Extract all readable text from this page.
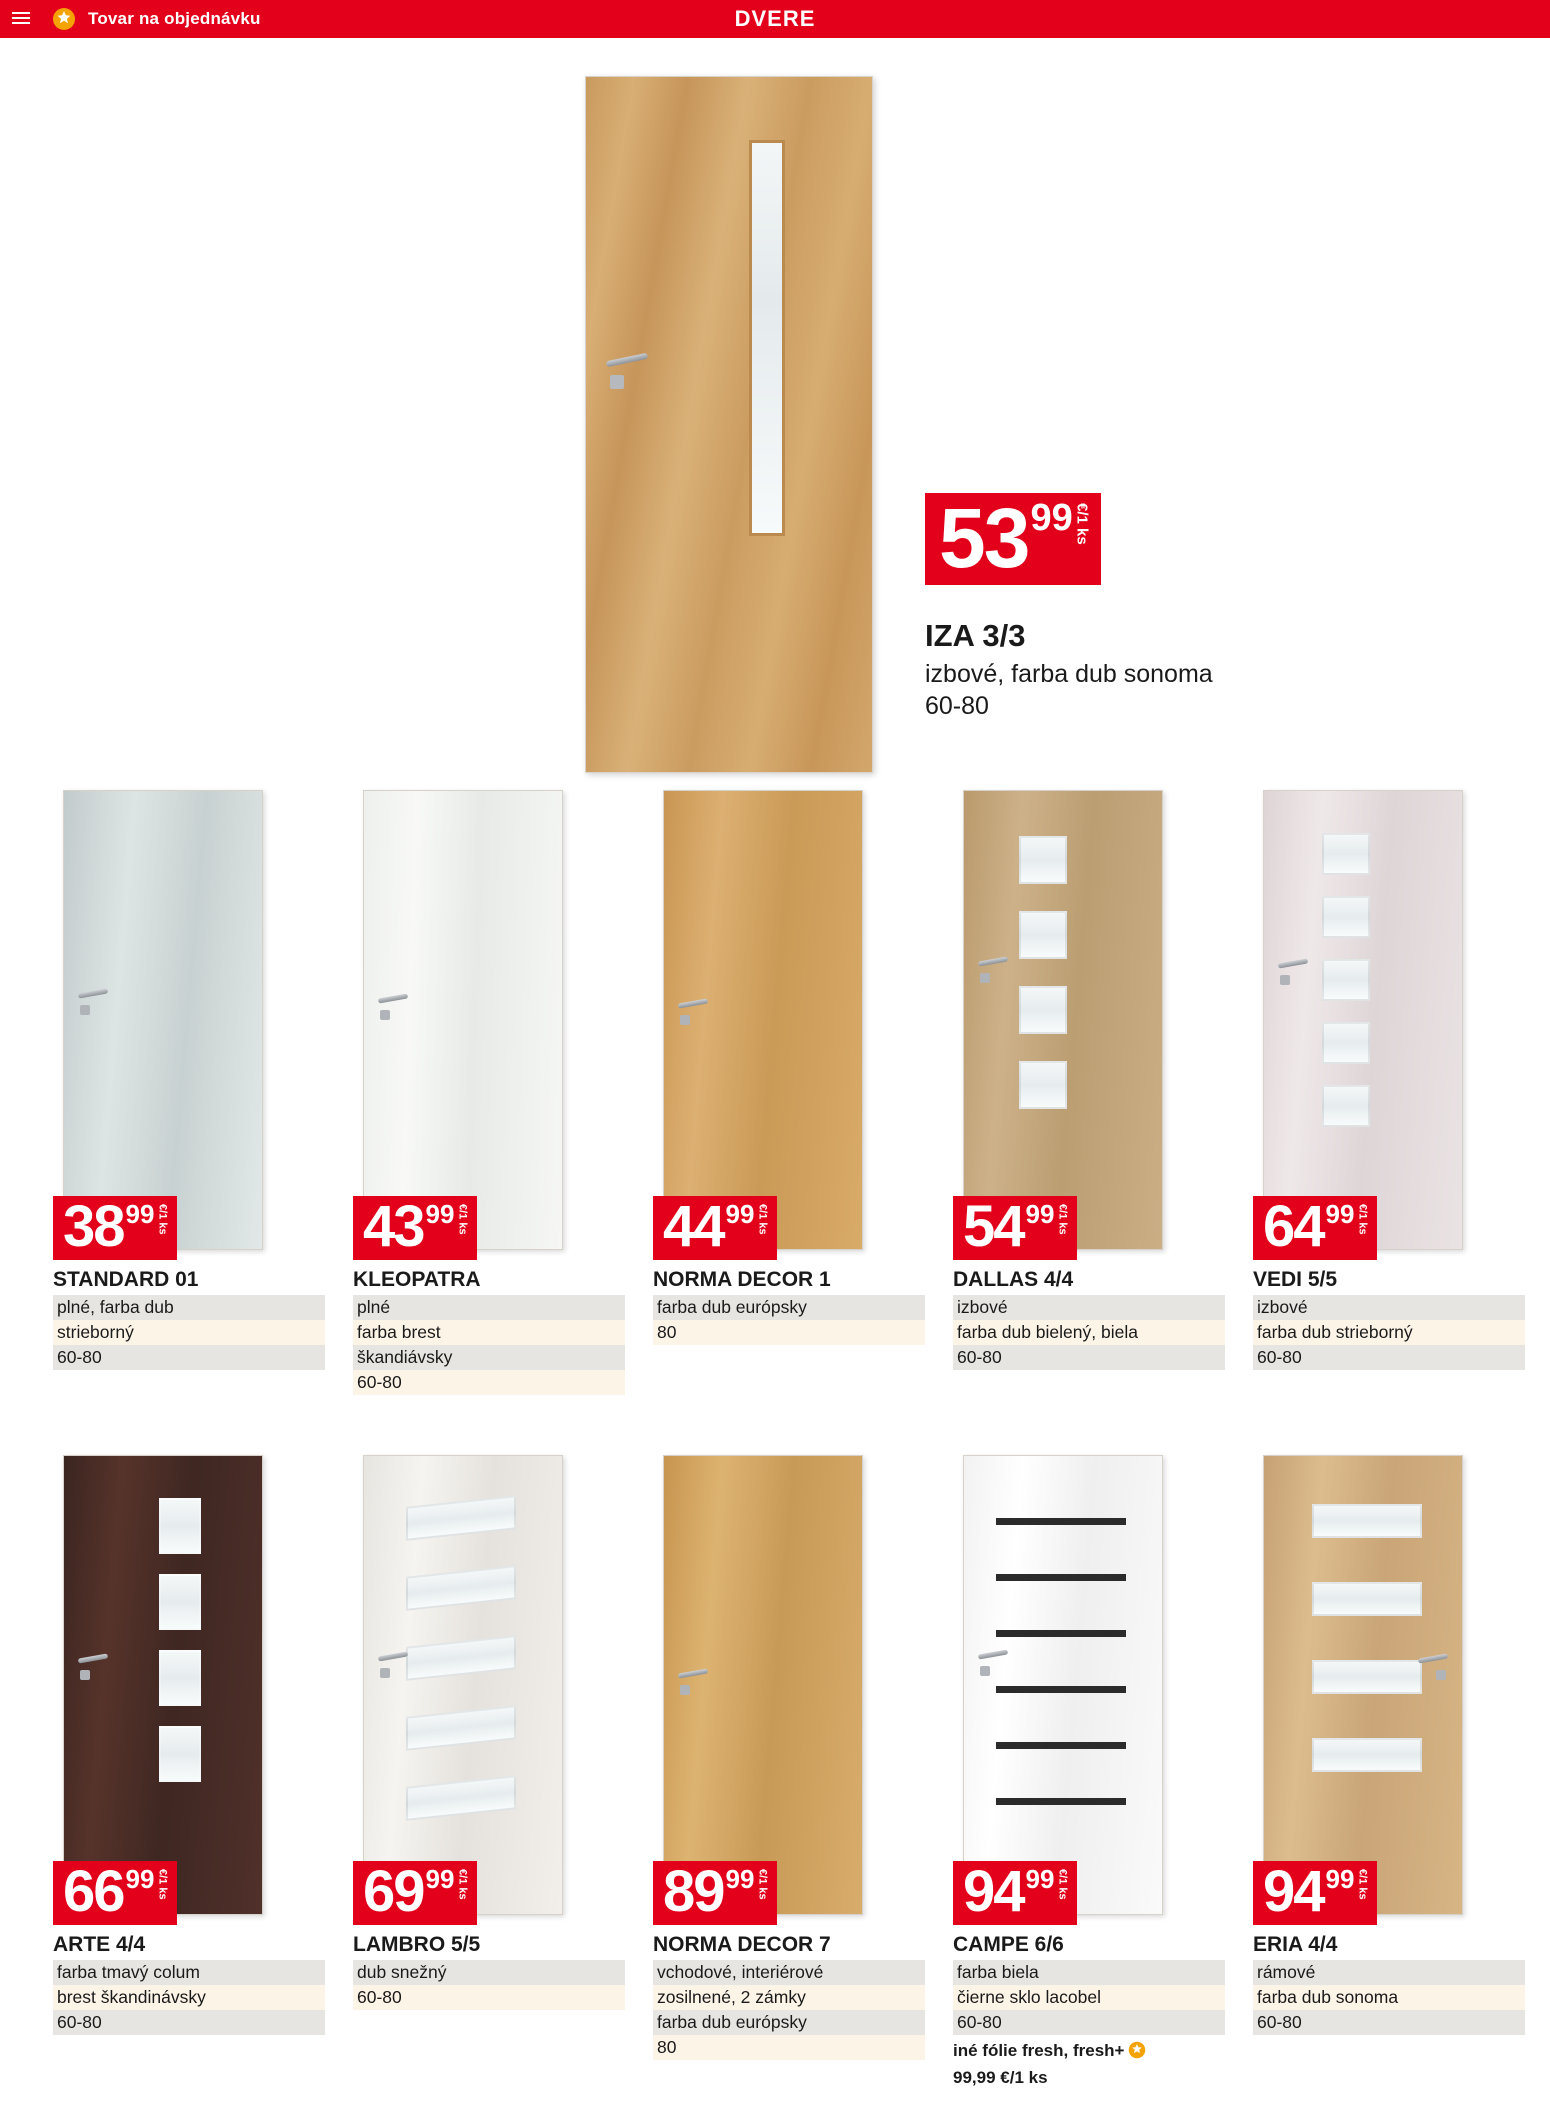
Tovar na objednávku	DVERE
53 99 €/1 ks
IZA 3/3
izbové, farba dub sonoma
60-80
38 99 €/1 ks
STANDARD 01
plné, farba dub
strieborný
60-80
43 99 €/1 ks
KLEOPATRA
plné
farba brest
škandiávsky
60-80
44 99 €/1 ks
NORMA DECOR 1
farba dub európsky
80
54 99 €/1 ks
DALLAS 4/4
izbové
farba dub bielený, biela
60-80
64 99 €/1 ks
VEDI 5/5
izbové
farba dub strieborný
60-80
66 99 €/1 ks
ARTE 4/4
farba tmavý colum
brest škandinávsky
60-80
69 99 €/1 ks
LAMBRO 5/5
dub snežný
60-80
89 99 €/1 ks
NORMA DECOR 7
vchodové, interiérové
zosilnené, 2 zámky
farba dub európsky
80
94 99 €/1 ks
CAMPE 6/6
farba biela
čierne sklo lacobel
60-80
iné fólie fresh, fresh+
99,99 €/1 ks
94 99 €/1 ks
ERIA 4/4
rámové
farba dub sonoma
60-80
